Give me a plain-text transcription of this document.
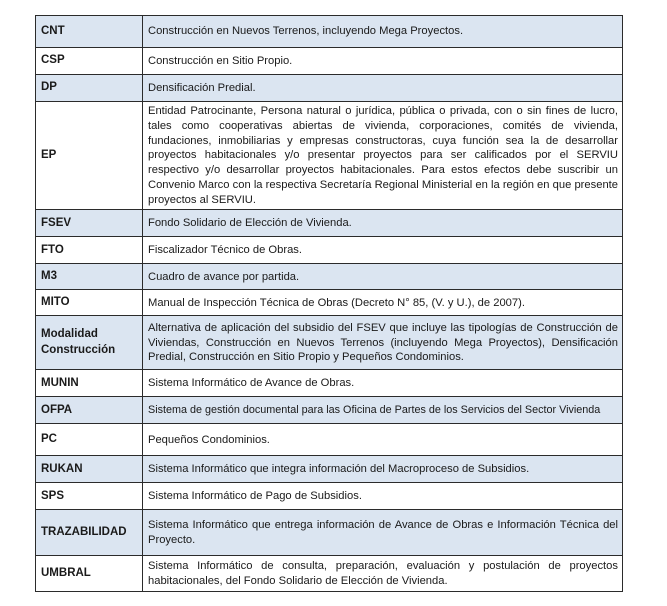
CNT	Construcción en Nuevos Terrenos, incluyendo Mega Proyectos.
CSP	Construcción en Sitio Propio.
DP	Densificación Predial.
EP	Entidad Patrocinante, Persona natural o jurídica, pública o privada, con o sin fines de lucro, tales como cooperativas abiertas de vivienda, corporaciones, comités de vivienda, fundaciones, inmobiliarias y empresas constructoras, cuya función sea la de desarrollar proyectos habitacionales y/o presentar proyectos para ser calificados por el SERVIU respectivo y/o desarrollar proyectos habitacionales. Para estos efectos debe suscribir un Convenio Marco con la respectiva Secretaría Regional Ministerial en la región en que presente proyectos al SERVIU.
FSEV	Fondo Solidario de Elección de Vivienda.
FTO	Fiscalizador Técnico de Obras.
M3	Cuadro de avance por partida.
MITO	Manual de Inspección Técnica de Obras (Decreto N° 85, (V. y U.), de 2007).
Modalidad Construcción	Alternativa de aplicación del subsidio del FSEV que incluye las tipologías de Construcción de Viviendas, Construcción en Nuevos Terrenos (incluyendo Mega Proyectos), Densificación Predial, Construcción en Sitio Propio y Pequeños Condominios.
MUNIN	Sistema Informático de Avance de Obras.
OFPA	Sistema de gestión documental para las Oficina de Partes de los Servicios del Sector Vivienda
PC	Pequeños Condominios.
RUKAN	Sistema Informático que integra información del Macroproceso de Subsidios.
SPS	Sistema Informático de Pago de Subsidios.
TRAZABILIDAD	Sistema Informático que entrega información de Avance de Obras e Información Técnica del Proyecto.
UMBRAL	Sistema Informático de consulta, preparación, evaluación y postulación de proyectos habitacionales, del Fondo Solidario de Elección de Vivienda.
